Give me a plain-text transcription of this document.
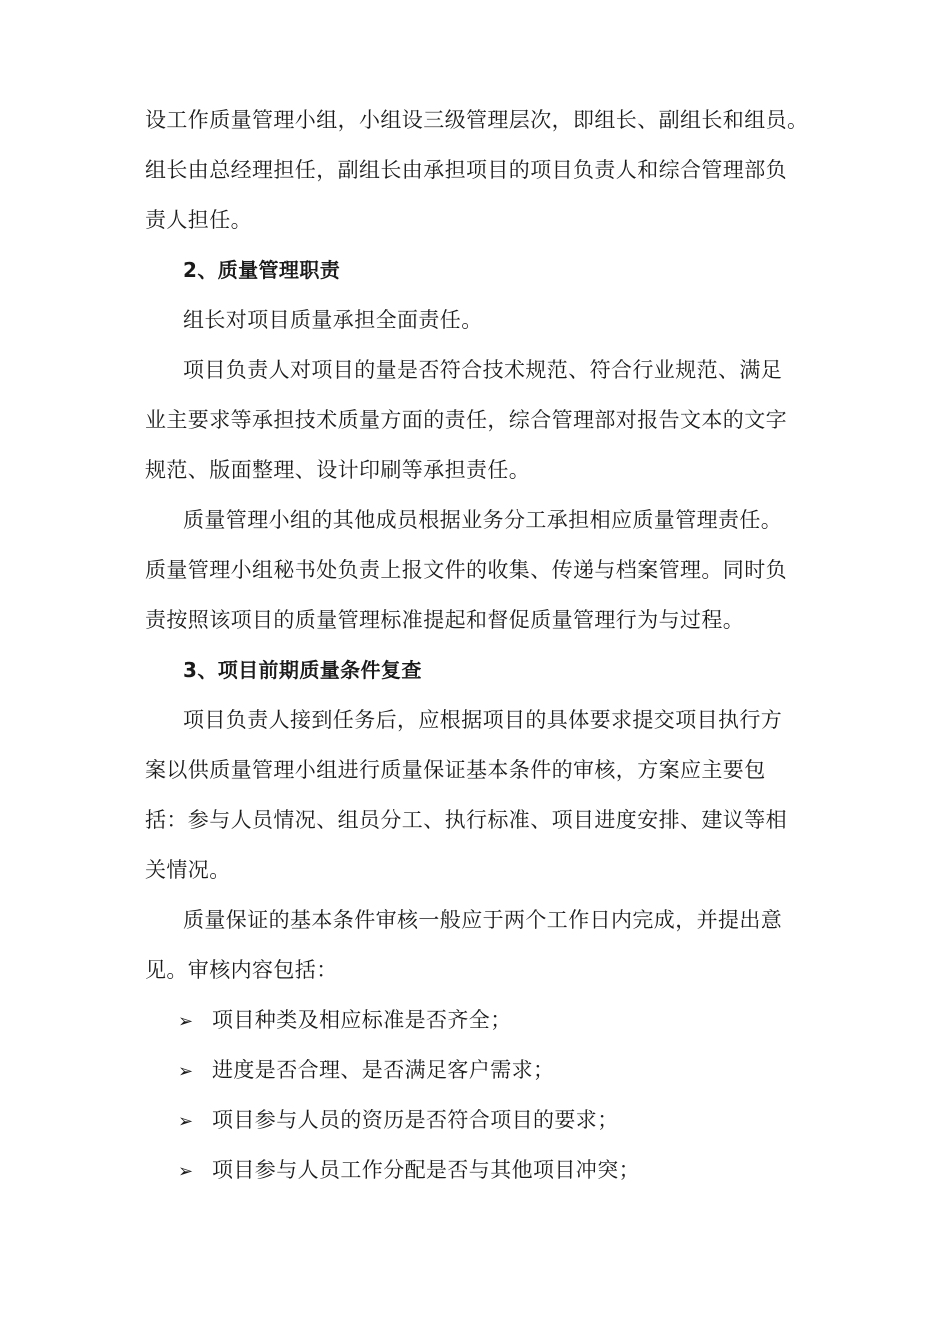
设工作质量管理小组，小组设三级管理层次，即组长、副组长和组员。
组长由总经理担任，副组长由承担项目的项目负责人和综合管理部负
责人担任。
2、质量管理职责
组长对项目质量承担全面责任。
项目负责人对项目的量是否符合技术规范、符合行业规范、满足
业主要求等承担技术质量方面的责任，综合管理部对报告文本的文字
规范、版面整理、设计印刷等承担责任。
质量管理小组的其他成员根据业务分工承担相应质量管理责任。
质量管理小组秘书处负责上报文件的收集、传递与档案管理。同时负
责按照该项目的质量管理标准提起和督促质量管理行为与过程。
3、项目前期质量条件复查
项目负责人接到任务后，应根据项目的具体要求提交项目执行方
案以供质量管理小组进行质量保证基本条件的审核，方案应主要包
括：参与人员情况、组员分工、执行标准、项目进度安排、建议等相
关情况。
质量保证的基本条件审核一般应于两个工作日内完成，并提出意
见。审核内容包括：
➢ 项目种类及相应标准是否齐全；
➢ 进度是否合理、是否满足客户需求；
➢ 项目参与人员的资历是否符合项目的要求；
➢ 项目参与人员工作分配是否与其他项目冲突；
